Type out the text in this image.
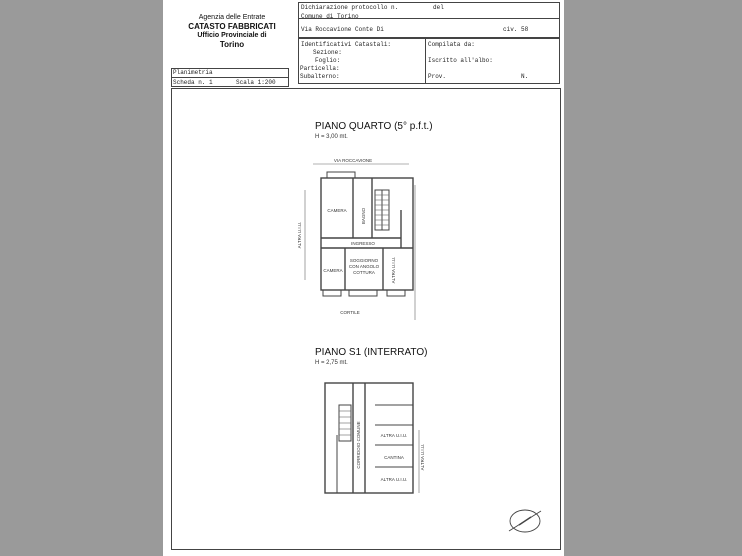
Agenzia delle Entrate
CATASTO FABBRICATI
Ufficio Provinciale di
Torino
Dichiarazione protocollo n.	del
Comune di Torino
Via Roccavione Conte Di	civ. 58
Identificativi Catastali:
Sezione:
Foglio:
Particella:
Subalterno:
Compilata da:
Iscritto all'albo:
Prov.	N.
Planimetria
Scheda n. 1	Scala 1:200
PIANO QUARTO (5° p.f.t.)
H = 3,00 mt.
VIA ROCCAVIONE
CAMERA	BAGNO
INGRESSO
CAMERA
SOGGIORNO
CON ANGOLO
COTTURA
ALTRA U.I.U.
ALTRA U.I.U.
CORTILE
PIANO S1 (INTERRATO)
H = 2,75 mt.
CORRIDOIO COMUNE	ALTRA U.I.U.
CANTINA
ALTRA U.I.U.
ALTRA U.I.U.
